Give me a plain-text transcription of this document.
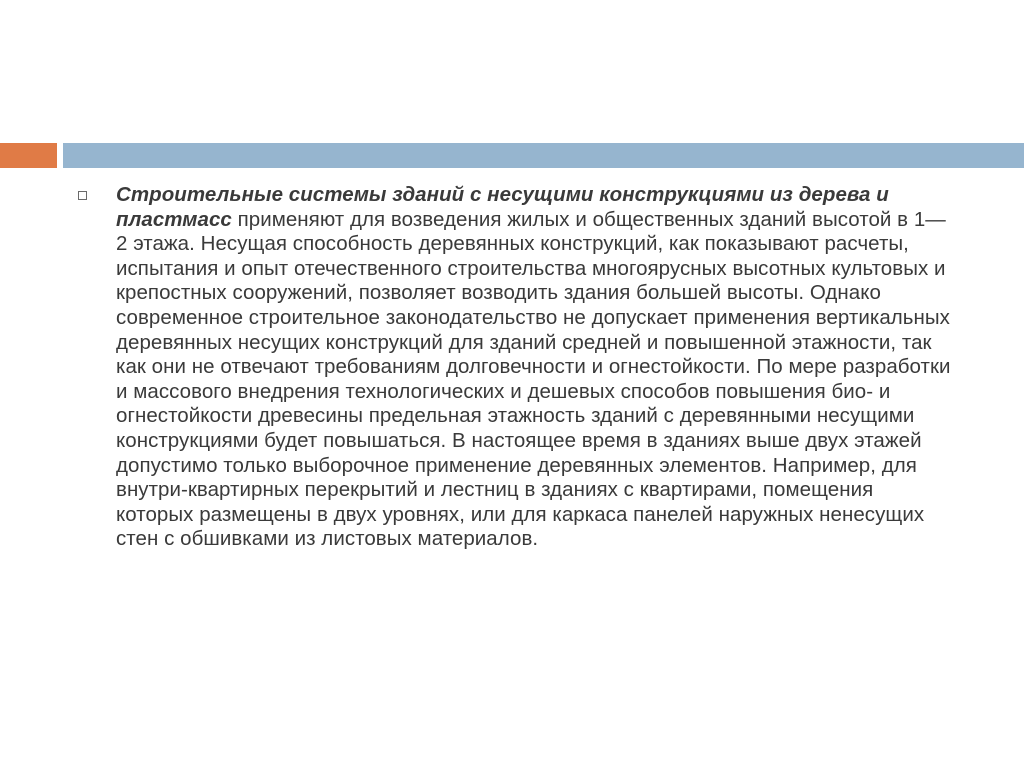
Строительные системы зданий с несущими конструкциями из дерева и пластмасс применяют для возведения жилых и общественных зданий высотой в 1—2 этажа. Несущая способность деревянных конструкций, как показывают расчеты, испытания и опыт отечественного строительства многоярусных высотных культовых и крепостных сооружений, позволяет возводить здания большей высоты. Однако современное строительное законодательство не допускает применения вертикальных деревянных несущих конструкций для зданий средней и повышенной этажности, так как они не отвечают требованиям долговечности и огнестойкости. По мере разработки и массового внедрения технологических и дешевых способов повышения био- и огнестойкости древесины предельная этажность зданий с деревянными несущими конструкциями будет повышаться. В настоящее время в зданиях выше двух этажей допустимо только выборочное применение деревянных элементов. Например, для внутри-квартирных перекрытий и лестниц в зданиях с квартирами, помещения которых размещены в двух уровнях, или для каркаса панелей наружных ненесущих стен с обшивками из листовых материалов.
